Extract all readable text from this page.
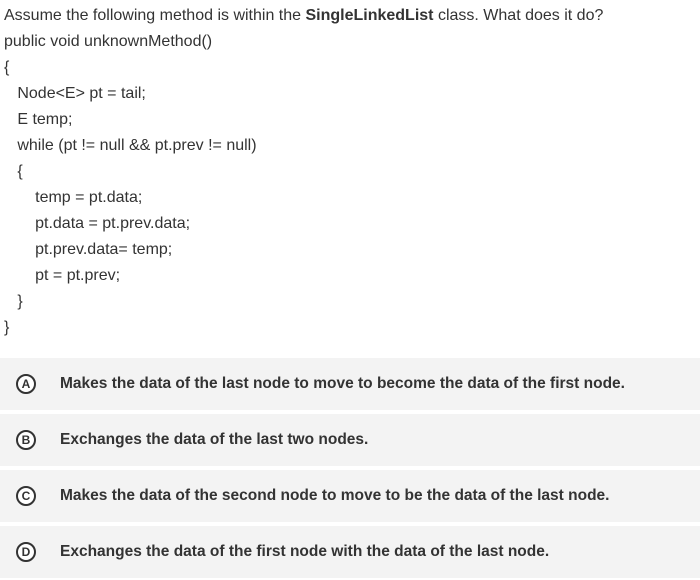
Assume the following method is within the SingleLinkedList class. What does it do?
public void unknownMethod()
{
Node<E> pt = tail;
E temp;
while (pt != null && pt.prev != null)
{
temp = pt.data;
pt.data = pt.prev.data;
pt.prev.data= temp;
pt = pt.prev;
}
}
A	Makes the data of the last node to move to become the data of the first node.
B	Exchanges the data of the last two nodes.
C	Makes the data of the second node to move to be the data of the last node.
D	Exchanges the data of the first node with the data of the last node.
